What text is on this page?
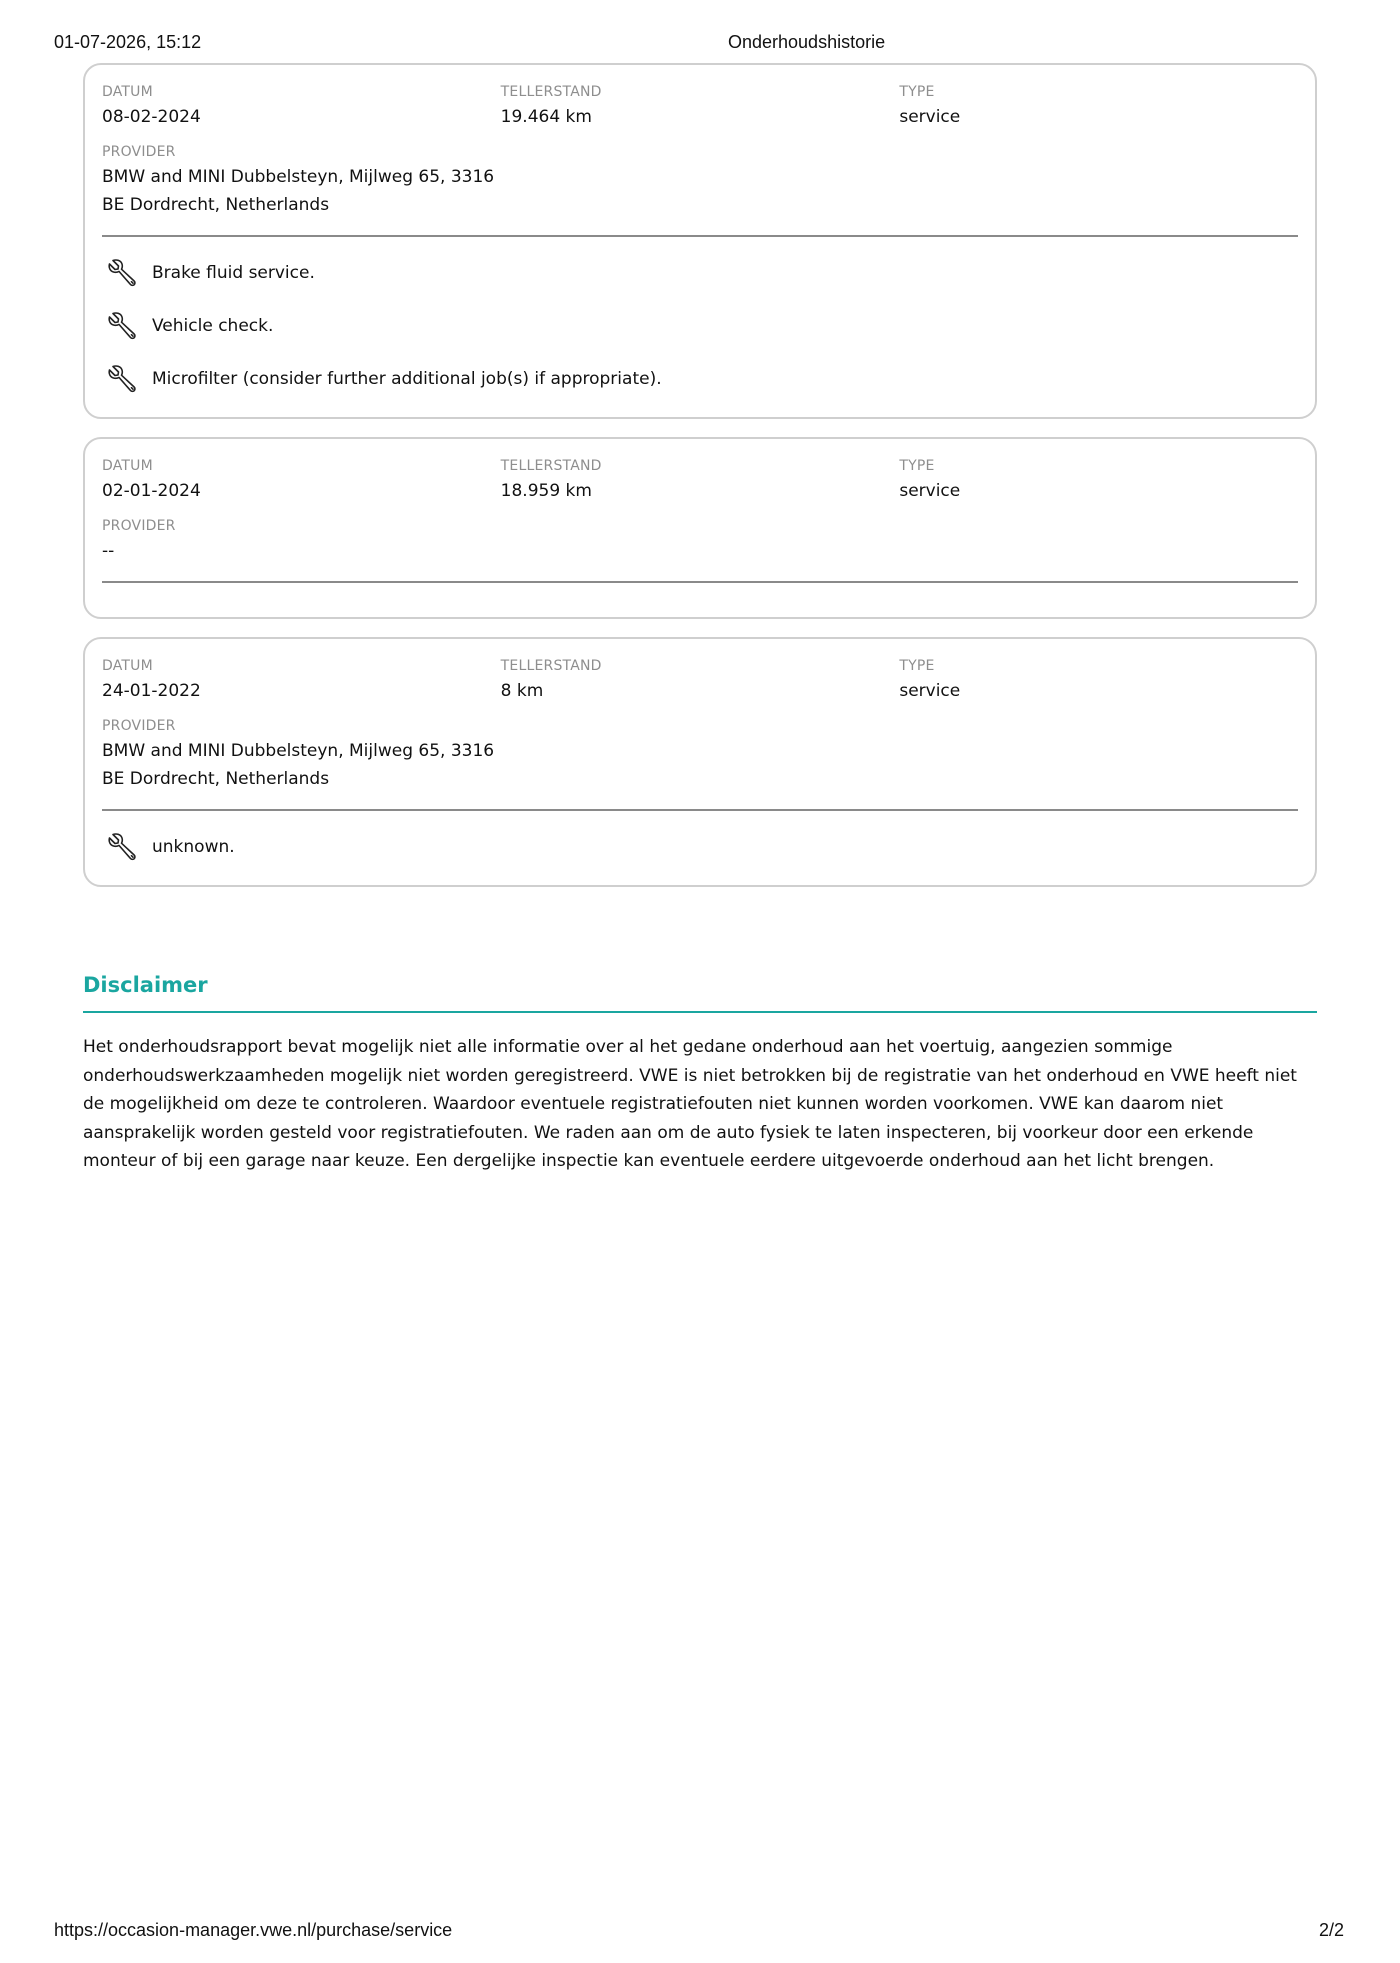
01-07-2026, 15:12	Onderhoudshistorie
DATUM
08-02-2024
TELLERSTAND
19.464 km
TYPE
service
PROVIDER
BMW and MINI Dubbelsteyn, Mijlweg 65, 3316 BE Dordrecht, Netherlands
Brake fluid service.
Vehicle check.
Microfilter (consider further additional job(s) if appropriate).
DATUM
02-01-2024
TELLERSTAND
18.959 km
TYPE
service
PROVIDER
--
DATUM
24-01-2022
TELLERSTAND
8 km
TYPE
service
PROVIDER
BMW and MINI Dubbelsteyn, Mijlweg 65, 3316 BE Dordrecht, Netherlands
unknown.
Disclaimer
Het onderhoudsrapport bevat mogelijk niet alle informatie over al het gedane onderhoud aan het voertuig, aangezien sommige onderhoudswerkzaamheden mogelijk niet worden geregistreerd. VWE is niet betrokken bij de registratie van het onderhoud en VWE heeft niet de mogelijkheid om deze te controleren. Waardoor eventuele registratiefouten niet kunnen worden voorkomen. VWE kan daarom niet aansprakelijk worden gesteld voor registratiefouten. We raden aan om de auto fysiek te laten inspecteren, bij voorkeur door een erkende monteur of bij een garage naar keuze. Een dergelijke inspectie kan eventuele eerdere uitgevoerde onderhoud aan het licht brengen.
https://occasion-manager.vwe.nl/purchase/service	2/2
